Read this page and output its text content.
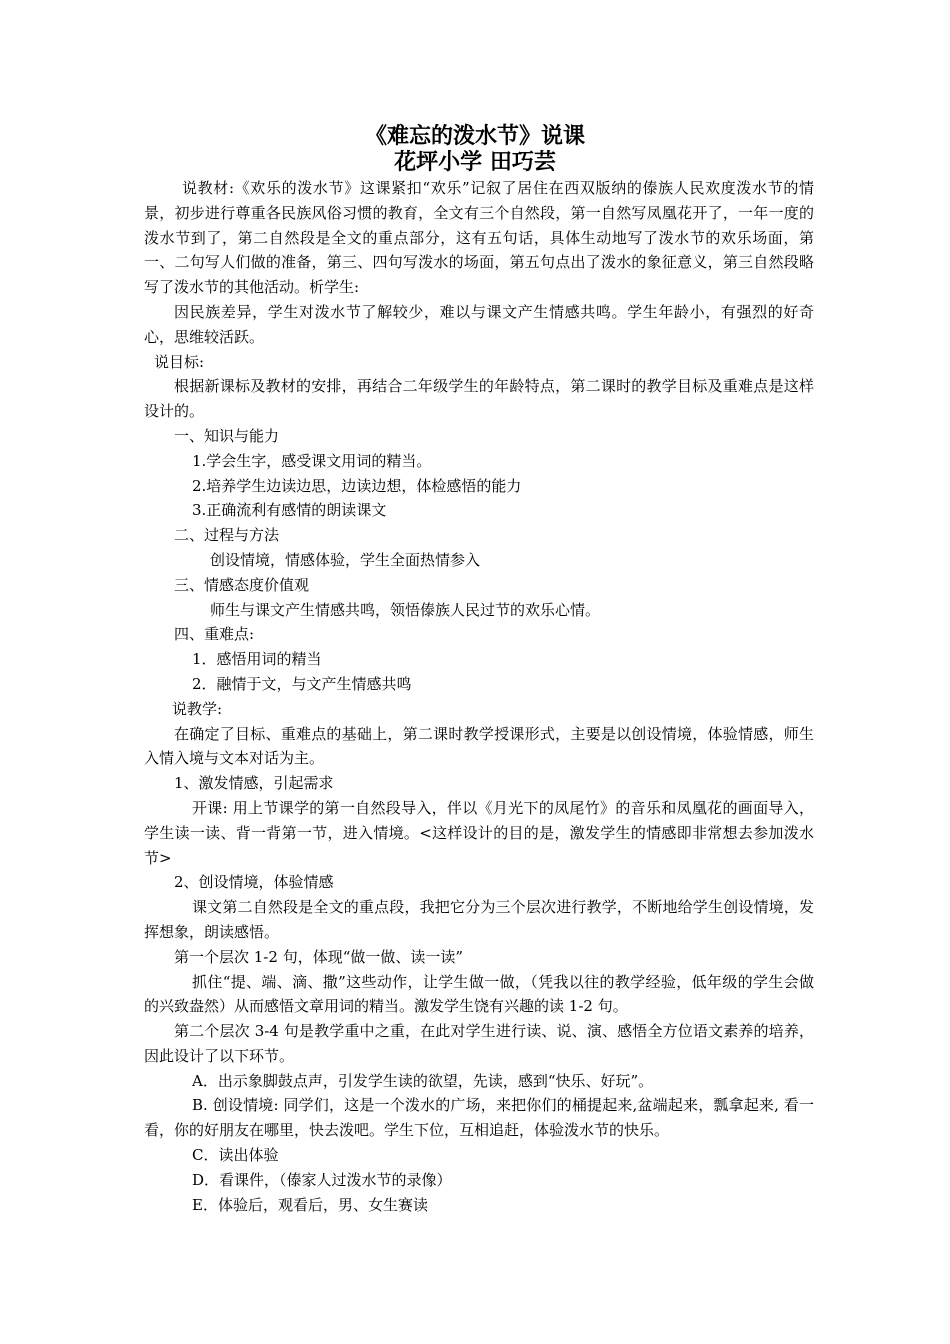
《难忘的泼水节》说课

花坪小学 田巧芸

说教材:《欢乐的泼水节》这课紧扣“欢乐”记叙了居住在西双版纳的傣族人民欢度泼水节的情景，初步进行尊重各民族风俗习惯的教育，全文有三个自然段，第一自然写凤凰花开了，一年一度的泼水节到了，第二自然段是全文的重点部分，这有五句话，具体生动地写了泼水节的欢乐场面，第一、二句写人们做的准备，第三、四句写泼水的场面，第五句点出了泼水的象征意义，第三自然段略写了泼水节的其他活动。析学生:

因民族差异，学生对泼水节了解较少，难以与课文产生情感共鸣。学生年龄小，有强烈的好奇心，思维较活跃。

说目标:

根据新课标及教材的安排，再结合二年级学生的年龄特点，第二课时的教学目标及重难点是这样设计的。

一、知识与能力

1.学会生字，感受课文用词的精当。

2.培养学生边读边思，边读边想，体检感悟的能力

3.正确流利有感情的朗读课文

二、过程与方法

创设情境，情感体验，学生全面热情参入

三、情感态度价值观

师生与课文产生情感共鸣，领悟傣族人民过节的欢乐心情。

四、重难点:

1．感悟用词的精当

2．融情于文，与文产生情感共鸣

说教学:

在确定了目标、重难点的基础上，第二课时教学授课形式，主要是以创设情境，体验情感，师生入情入境与文本对话为主。

1、激发情感，引起需求

开课: 用上节课学的第一自然段导入，伴以《月光下的凤尾竹》的音乐和凤凰花的画面导入，学生读一读、背一背第一节，进入情境。<这样设计的目的是，激发学生的情感即非常想去参加泼水节>

2、创设情境，体验情感

课文第二自然段是全文的重点段，我把它分为三个层次进行教学，不断地给学生创设情境，发挥想象，朗读感悟。

第一个层次 1-2 句，体现“做一做、读一读”

抓住“提、端、滴、撒”这些动作，让学生做一做，（凭我以往的教学经验，低年级的学生会做的兴致盎然）从而感悟文章用词的精当。激发学生饶有兴趣的读 1-2 句。

第二个层次 3-4 句是教学重中之重，在此对学生进行读、说、演、感悟全方位语文素养的培养，因此设计了以下环节。

A．出示象脚鼓点声，引发学生读的欲望，先读，感到“快乐、好玩”。

B. 创设情境: 同学们，这是一个泼水的广场，来把你们的桶提起来,盆端起来，瓢拿起来, 看一看，你的好朋友在哪里，快去泼吧。学生下位，互相追赶，体验泼水节的快乐。

C．读出体验

D．看课件，（傣家人过泼水节的录像）

E．体验后，观看后，男、女生赛读
